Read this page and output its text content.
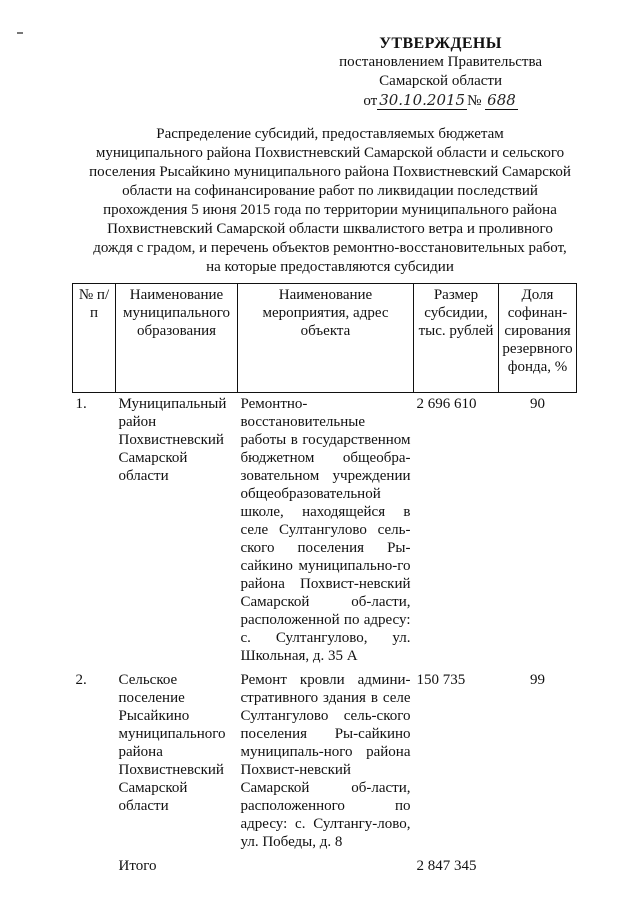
УТВЕРЖДЕНЫ
постановлением Правительства
Самарской области
от 30.10.2015 № 688

Распределение субсидий, предоставляемых бюджетам

муниципального района Похвистневский Самарской области и сельского

поселения Рысайкино муниципального района Похвистневский Самарской

области на софинансирование работ по ликвидации последствий

прохождения 5 июня 2015 года по территории муниципального района

Похвистневский Самарской области шквалистого ветра и проливного

дождя с градом, и перечень объектов ремонтно-восстановительных работ,

на которые предоставляются субсидии

№ п/п	Наименование муниципального образования	Наименование мероприятия, адрес объекта	Размер субсидии, тыс. рублей	Доля софинан-сирования резервного фонда, %
1.	Муниципальный район Похвистневский Самарской области	Ремонтно-восстановительные работы в государственном бюджетном общеобра-зовательном учреждении общеобразовательной школе, находящейся в селе Султангулово сель-ского поселения Ры-сайкино муниципально-го района Похвист-невский Самарской об-ласти, расположенной по адресу: с. Султангулово, ул. Школьная, д. 35 А	2 696 610	90
2.	Сельское поселение Рысайкино муниципального района Похвистневский Самарской области	Ремонт кровли админи-стративного здания в селе Султангулово сель-ского поселения Ры-сайкино муниципаль-ного района Похвист-невский Самарской об-ласти, расположенного по адресу: с. Султангу-лово, ул. Победы, д. 8	150 735	99
	Итого		2 847 345	
